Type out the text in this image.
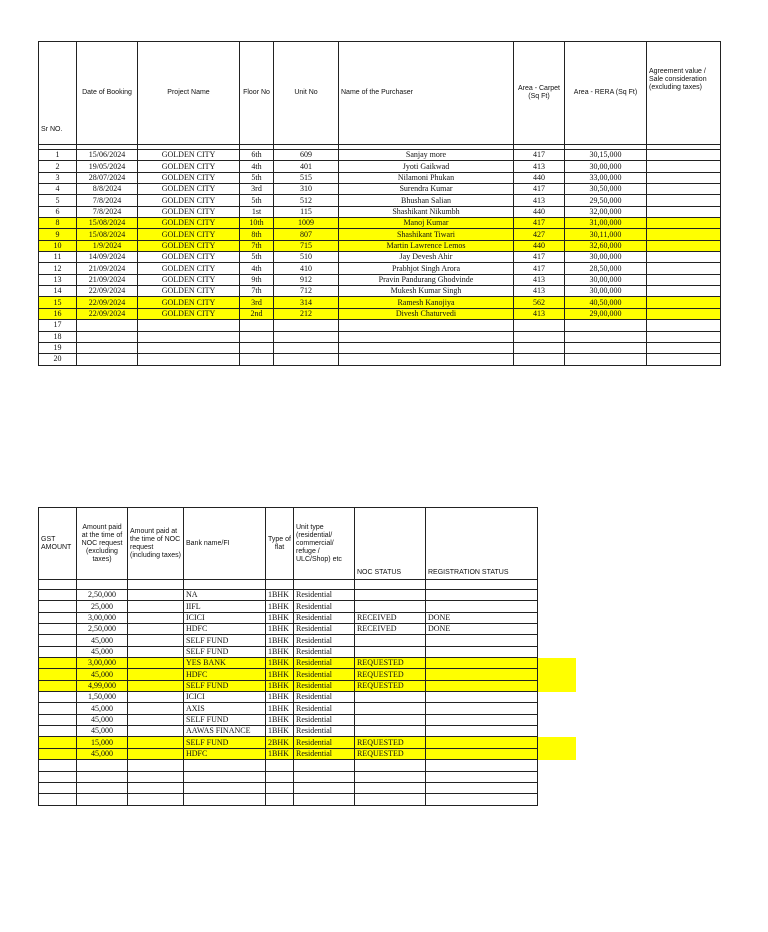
Sr NO.	Date of Booking	Project Name	Floor No	Unit No	Name of the Purchaser	Area - Carpet (Sq Ft)	Area - RERA (Sq Ft)	Agreement value / Sale consideration (excluding taxes)

1	15/06/2024	GOLDEN CITY	6th	609	Sanjay more	417	30,15,000	
2	19/05/2024	GOLDEN CITY	4th	401	Jyoti Gaikwad	413	30,00,000	
3	28/07/2024	GOLDEN CITY	5th	515	Nilamoni Phukan	440	33,00,000	
4	8/8/2024	GOLDEN CITY	3rd	310	Surendra Kumar	417	30,50,000	
5	7/8/2024	GOLDEN CITY	5th	512	Bhushan Salian	413	29,50,000	
6	7/8/2024	GOLDEN CITY	1st	115	Shashikant Nikumbh	440	32,00,000	
8	15/08/2024	GOLDEN CITY	10th	1009	Manoj Kumar	417	31,00,000	
9	15/08/2024	GOLDEN CITY	8th	807	Shashikant Tiwari	427	30,11,000	
10	1/9/2024	GOLDEN CITY	7th	715	Martin Lawrence Lemos	440	32,60,000	
11	14/09/2024	GOLDEN CITY	5th	510	Jay Devesh Ahir	417	30,00,000	
12	21/09/2024	GOLDEN CITY	4th	410	Prabhjot Singh Arora	417	28,50,000	
13	21/09/2024	GOLDEN CITY	9th	912	Pravin Pandurang Ghodvinde	413	30,00,000	
14	22/09/2024	GOLDEN CITY	7th	712	Mukesh Kumar Singh	413	30,00,000	
15	22/09/2024	GOLDEN CITY	3rd	314	Ramesh Kanojiya	562	40,50,000	
16	22/09/2024	GOLDEN CITY	2nd	212	Divesh Chaturvedi	413	29,00,000	
17								
18								
19								
20								
GST AMOUNT	Amount paid at the time of NOC request (excluding taxes)	Amount paid at the time of NOC request (including taxes)	Bank name/FI	Type of flat	Unit type (residential/ commercial/ refuge / ULC/Shop) etc	NOC STATUS	REGISTRATION STATUS

	2,50,000		NA	1BHK	Residential		
	25,000		IIFL	1BHK	Residential		
	3,00,000		ICICI	1BHK	Residential	RECEIVED	DONE
	2,50,000		HDFC	1BHK	Residential	RECEIVED	DONE
	45,000		SELF FUND	1BHK	Residential		
	45,000		SELF FUND	1BHK	Residential		
	3,00,000		YES BANK	1BHK	Residential	REQUESTED	
	45,000		HDFC	1BHK	Residential	REQUESTED	
	4,99,000		SELF FUND	1BHK	Residential	REQUESTED	
	1,50,000		ICICI	1BHK	Residential		
	45,000		AXIS	1BHK	Residential		
	45,000		SELF FUND	1BHK	Residential		
	45,000		AAWAS FINANCE	1BHK	Residential		
	15,000		SELF FUND	2BHK	Residential	REQUESTED	
	45,000		HDFC	1BHK	Residential	REQUESTED	
